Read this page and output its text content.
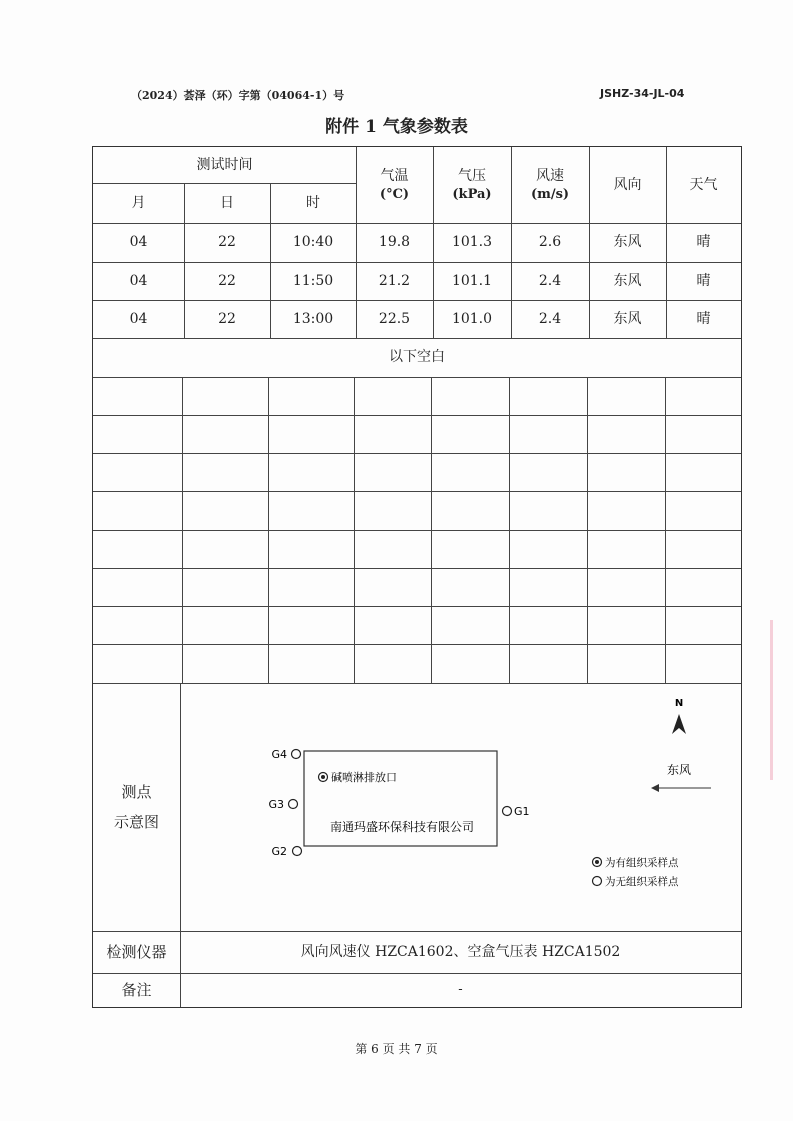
（2024）荟泽（环）字第（04064-1）号	JSHZ-34-JL-04
附件 1 气象参数表
测试时间
月	日	时
气温
(°C)
气压
(kPa)
风速
(m/s)
风向	天气
04	22	10:40	19.8	101.3	2.6	东风	晴
04	22	11:50	21.2	101.1	2.4	东风	晴
04	22	13:00	22.5	101.0	2.4	东风	晴
以下空白
测点
示意图
G4
G3
G2
G1
碱喷淋排放口
南通玛盛环保科技有限公司
N
东风
为有组织采样点
为无组织采样点
检测仪器	风向风速仪 HZCA1602、空盒气压表 HZCA1502
备注	-
第 6 页 共 7 页
